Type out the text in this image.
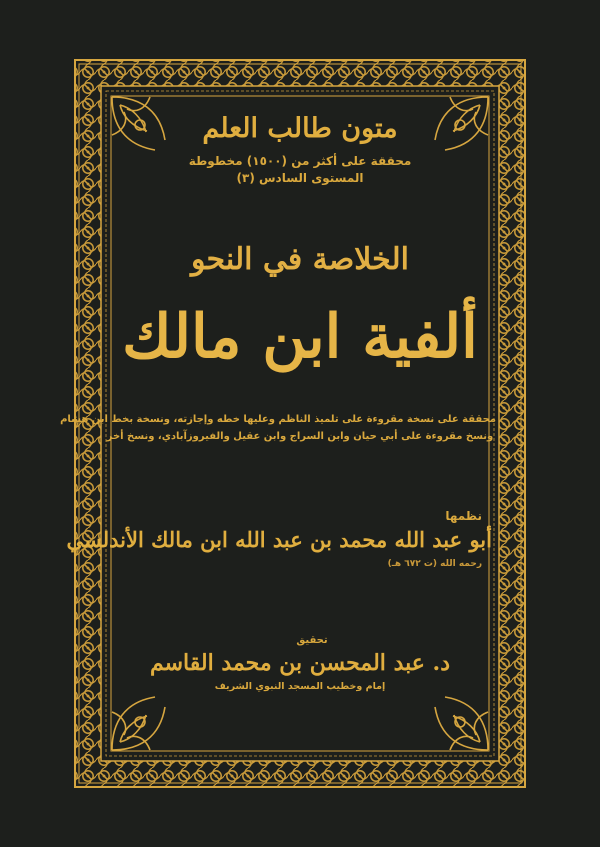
متون طالب العلم
محققة على أكثر من (١٥٠٠) مخطوطة
المستوى السادس (٣)
الخلاصة في النحو
ألفية ابن مالك
محققة على نسخة مقروءة على تلميذ الناظم وعليها خطه وإجازته، ونسخة بخط ابن هشام
ونسخ مقروءة على أبي حيان وابن السراج وابن عقيل والفيروزآبادي، ونسخ أخر
نظمها
أبو عبد الله محمد بن عبد الله ابن مالك الأندلسي
رحمه الله (ت ٦٧٢ هـ)
تحقيق
د. عبد المحسن بن محمد القاسم
إمام وخطيب المسجد النبوي الشريف
